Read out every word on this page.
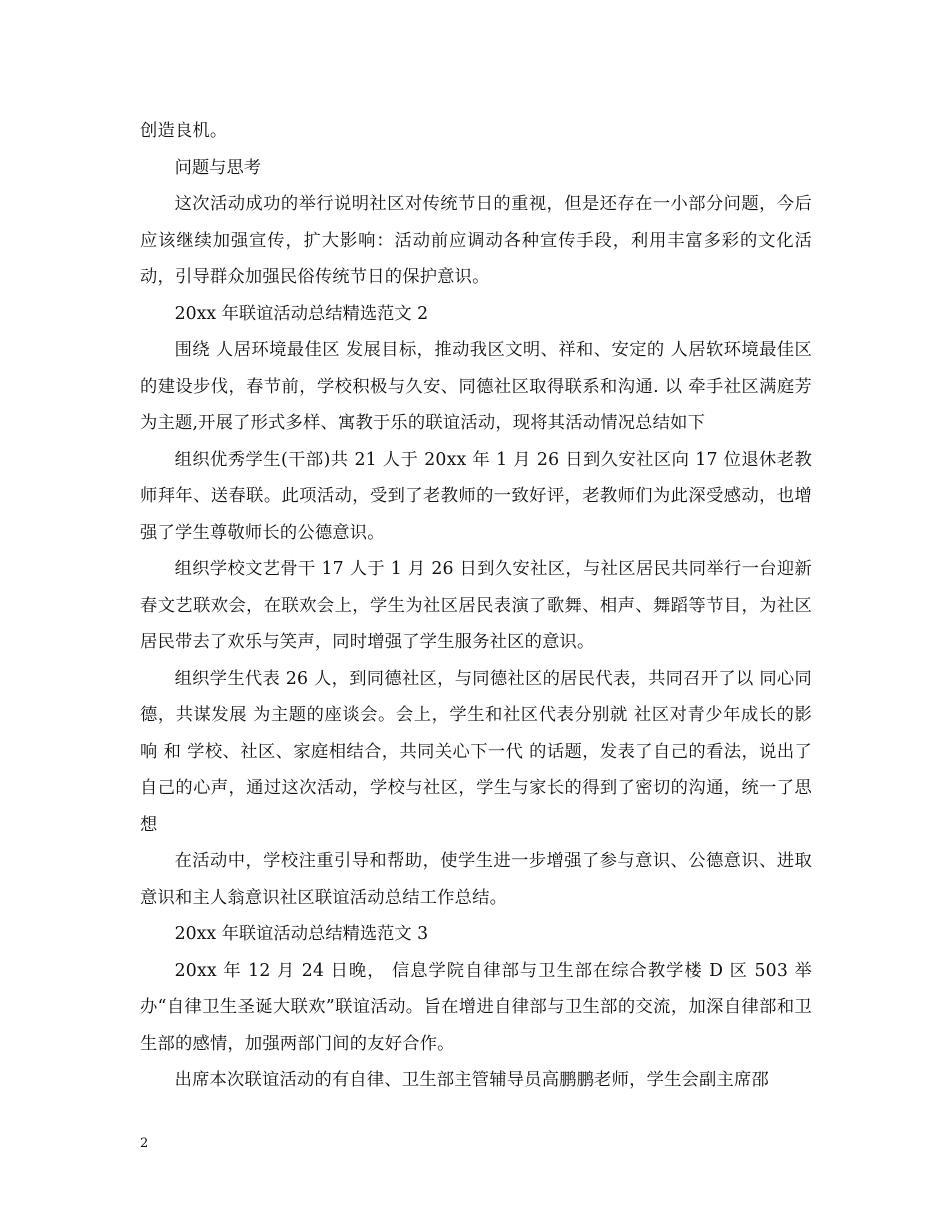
创造良机。

问题与思考

这次活动成功的举行说明社区对传统节日的重视，但是还存在一小部分问题，今后应该继续加强宣传，扩大影响：活动前应调动各种宣传手段，利用丰富多彩的文化活动，引导群众加强民俗传统节日的保护意识。

20xx 年联谊活动总结精选范文 2

围绕 人居环境最佳区 发展目标，推动我区文明、祥和、安定的 人居软环境最佳区 的建设步伐，春节前，学校积极与久安、同德社区取得联系和沟通. 以 牵手社区满庭芳 为主题,开展了形式多样、寓教于乐的联谊活动，现将其活动情况总结如下

组织优秀学生(干部)共 21 人于 20xx 年 1 月 26 日到久安社区向 17 位退休老教师拜年、送春联。此项活动，受到了老教师的一致好评，老教师们为此深受感动，也增强了学生尊敬师长的公德意识。

组织学校文艺骨干 17 人于 1 月 26 日到久安社区，与社区居民共同举行一台迎新春文艺联欢会，在联欢会上，学生为社区居民表演了歌舞、相声、舞蹈等节目，为社区居民带去了欢乐与笑声，同时增强了学生服务社区的意识。

组织学生代表 26 人，到同德社区，与同德社区的居民代表，共同召开了以 同心同德，共谋发展 为主题的座谈会。会上，学生和社区代表分别就 社区对青少年成长的影响 和 学校、社区、家庭相结合，共同关心下一代 的话题，发表了自己的看法，说出了自己的心声，通过这次活动，学校与社区，学生与家长的得到了密切的沟通，统一了思想

在活动中，学校注重引导和帮助，使学生进一步增强了参与意识、公德意识、进取意识和主人翁意识社区联谊活动总结工作总结。

20xx 年联谊活动总结精选范文 3

20xx 年 12 月 24 日晚， 信息学院自律部与卫生部在综合教学楼 D 区 503 举办“自律卫生圣诞大联欢”联谊活动。旨在增进自律部与卫生部的交流，加深自律部和卫生部的感情，加强两部门间的友好合作。

出席本次联谊活动的有自律、卫生部主管辅导员高鹏鹏老师，学生会副主席邵

2
